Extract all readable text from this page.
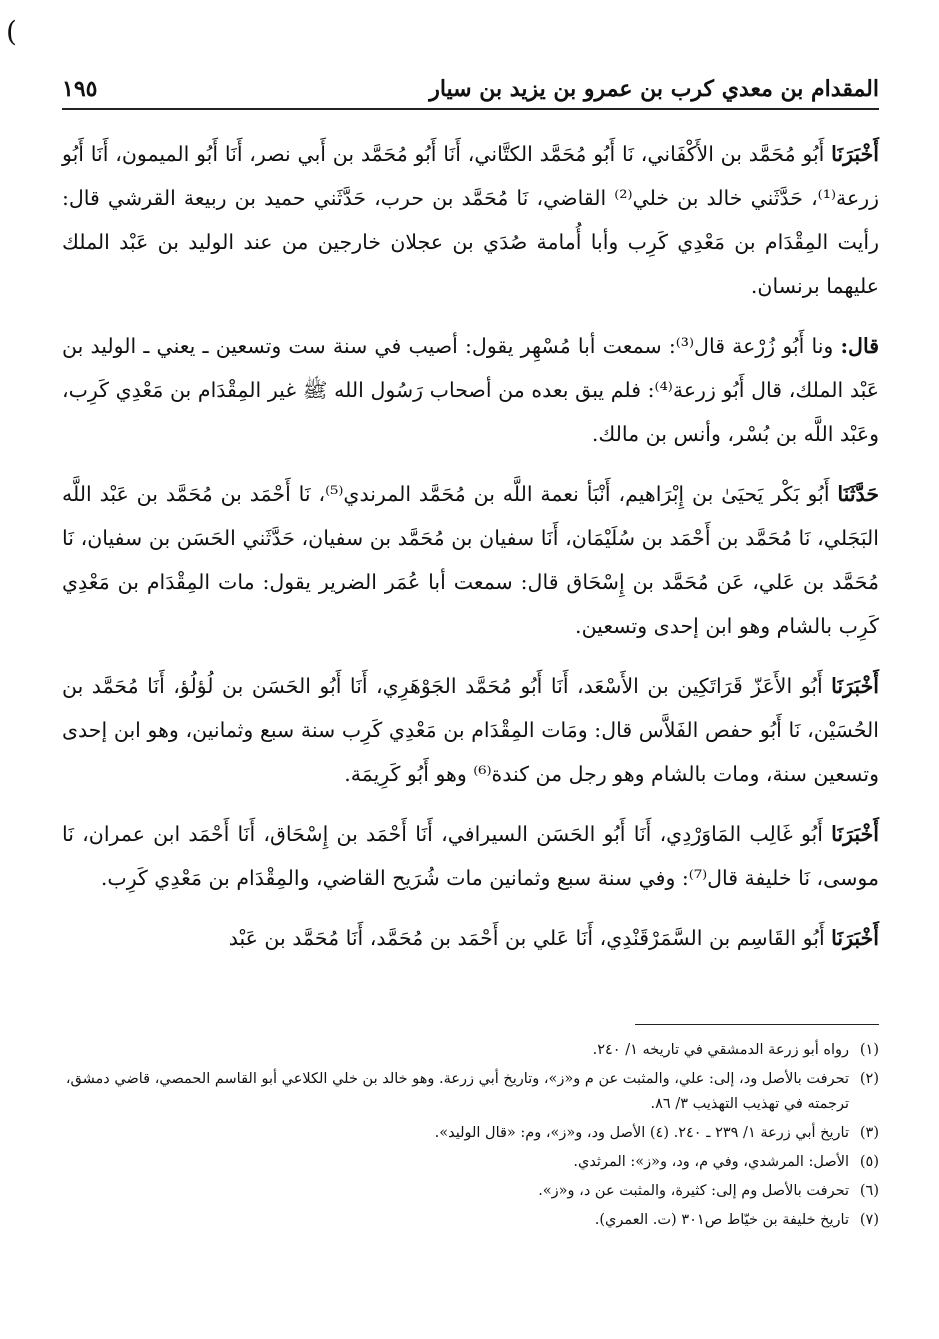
(
المقدام بن معدي كرب بن عمرو بن يزيد بن سيار
١٩٥

أَخْبَرَنَا أَبُو مُحَمَّد بن الأَكْفَاني، نَا أَبُو مُحَمَّد الكتَّاني، أَنَا أَبُو مُحَمَّد بن أَبي نصر، أَنَا أَبُو الميمون، أَنَا أَبُو زرعة⁽¹⁾، حَدَّثَني خالد بن خلي⁽²⁾ القاضي، نَا مُحَمَّد بن حرب، حَدَّثَني حميد بن ربيعة القرشي قال: رأيت المِقْدَام بن مَعْدِي كَرِب وأبا أُمامة صُدَي بن عجلان خارجين من عند الوليد بن عَبْد الملك عليهما برنسان.

قال: ونا أَبُو زُرْعة قال⁽³⁾: سمعت أبا مُسْهِر يقول: أصيب في سنة ست وتسعين ـ يعني ـ الوليد بن عَبْد الملك، قال أَبُو زرعة⁽⁴⁾: فلم يبق بعده من أصحاب رَسُول الله ﷺ غير المِقْدَام بن مَعْدِي كَرِب، وعَبْد اللَّه بن بُسْر، وأنس بن مالك.

حَدَّثَنَا أَبُو بَكْر يَحيَىٰ بن إِبْرَاهيم، أَنْبَأ نعمة اللَّه بن مُحَمَّد المرندي⁽⁵⁾، نَا أَحْمَد بن مُحَمَّد بن عَبْد اللَّه البَجَلي، نَا مُحَمَّد بن أَحْمَد بن سُلَيْمَان، أَنَا سفيان بن مُحَمَّد بن سفيان، حَدَّثَني الحَسَن بن سفيان، نَا مُحَمَّد بن عَلي، عَن مُحَمَّد بن إِسْحَاق قال: سمعت أبا عُمَر الضرير يقول: مات المِقْدَام بن مَعْدِي كَرِب بالشام وهو ابن إحدى وتسعين.

أَخْبَرَنَا أَبُو الأَعَزّ قَرَاتَكِين بن الأَسْعَد، أَنَا أَبُو مُحَمَّد الجَوْهَرِي، أَنَا أَبُو الحَسَن بن لُؤلُؤ، أَنَا مُحَمَّد بن الحُسَيْن، نَا أَبُو حفص الفَلاَّس قال: ومَات المِقْدَام بن مَعْدِي كَرِب سنة سبع وثمانين، وهو ابن إحدى وتسعين سنة، ومات بالشام وهو رجل من كندة⁽⁶⁾ وهو أَبُو كَرِيمَة.

أَخْبَرَنَا أَبُو غَالِب المَاوَرْدِي، أَنَا أَبُو الحَسَن السيرافي، أَنَا أَحْمَد بن إِسْحَاق، أَنَا أَحْمَد ابن عمران، نَا موسى، نَا خليفة قال⁽⁷⁾: وفي سنة سبع وثمانين مات شُرَيح القاضي، والمِقْدَام بن مَعْدِي كَرِب.

أَخْبَرَنَا أَبُو القَاسِم بن السَّمَرْقَنْدِي، أَنَا عَلي بن أَحْمَد بن مُحَمَّد، أَنَا مُحَمَّد بن عَبْد

(١)
رواه أبو زرعة الدمشقي في تاريخه ١/ ٢٤٠.
(٢)
تحرفت بالأصل ود، إلى: علي، والمثبت عن م و«ز»، وتاريخ أبي زرعة. وهو خالد بن خلي الكلاعي أبو القاسم الحمصي، قاضي دمشق، ترجمته في تهذيب التهذيب ٣/ ٨٦.
(٣)
تاريخ أبي زرعة ١/ ٢٣٩ ـ ٢٤٠. (٤) الأصل ود، و«ز»، وم: «قال الوليد».
(٥)
الأصل: المرشدي، وفي م، ود، و«ز»: المرثدي.
(٦)
تحرفت بالأصل وم إلى: كثيرة، والمثبت عن د، و«ز».
(٧)
تاريخ خليفة بن خيّاط ص٣٠١ (ت. العمري).
